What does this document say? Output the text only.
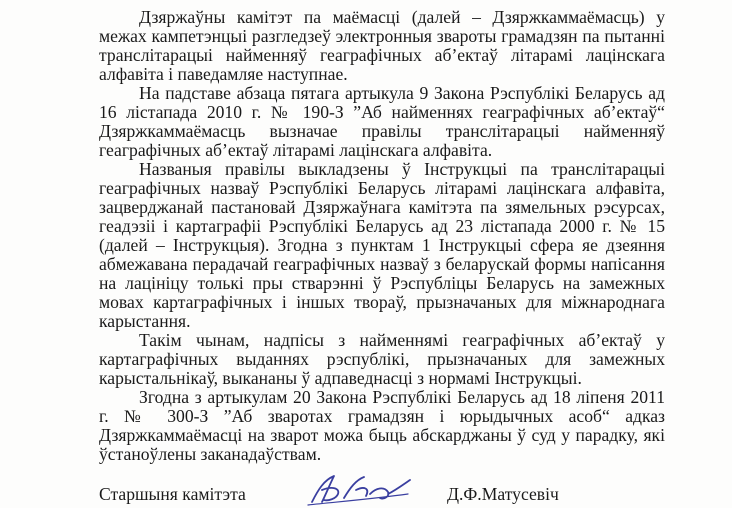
Дзяржаўны камітэт па маёмасці (далей – Дзяржкаммаёмасць) у межах кампетэнцыі разгледзеў электронныя звароты грамадзян па пытанні транслітарацыі найменняў геаграфічных аб’ектаў літарамі лацінскага алфавіта і паведамляе наступнае.

На падставе абзаца пятага артыкула 9 Закона Рэспублікі Беларусь ад 16 лістапада 2010 г. № 190-З ”Аб найменнях геаграфічных аб’ектаў“ Дзяржкаммаёмасць вызначае правілы транслітарацыі найменняў геаграфічных аб’ектаў літарамі лацінскага алфавіта.

Названыя правілы выкладзены ў Інструкцыі па транслітарацыі геаграфічных назваў Рэспублікі Беларусь літарамі лацінскага алфавіта, зацверджанай пастановай Дзяржаўнага камітэта па зямельных рэсурсах, геадэзіі і картаграфіі Рэспублікі Беларусь ад 23 лістапада 2000 г. № 15 (далей – Інструкцыя). Згодна з пунктам 1 Інструкцыі сфера яе дзеяння абмежавана перадачай геаграфічных назваў з беларускай формы напісання на лацініцу толькі пры стварэнні ў Рэспубліцы Беларусь на замежных мовах картаграфічных і іншых твораў, прызначаных для міжнароднага карыстання.

Такім чынам, надпісы з найменнямі геаграфічных аб’ектаў у картаграфічных выданнях рэспублікі, прызначаных для замежных карыстальнікаў, выкананы ў адпаведнасці з нормамі Інструкцыі.

Згодна з артыкулам 20 Закона Рэспублікі Беларусь ад 18 ліпеня 2011 г. № 300-З ”Аб зваротах грамадзян і юрыдычных асоб“ адказ Дзяржкаммаёмасці на зварот можа быць абскарджаны ў суд у парадку, які ўстаноўлены заканадаўствам.

Старшыня камітэта	Д.Ф.Матусевіч
